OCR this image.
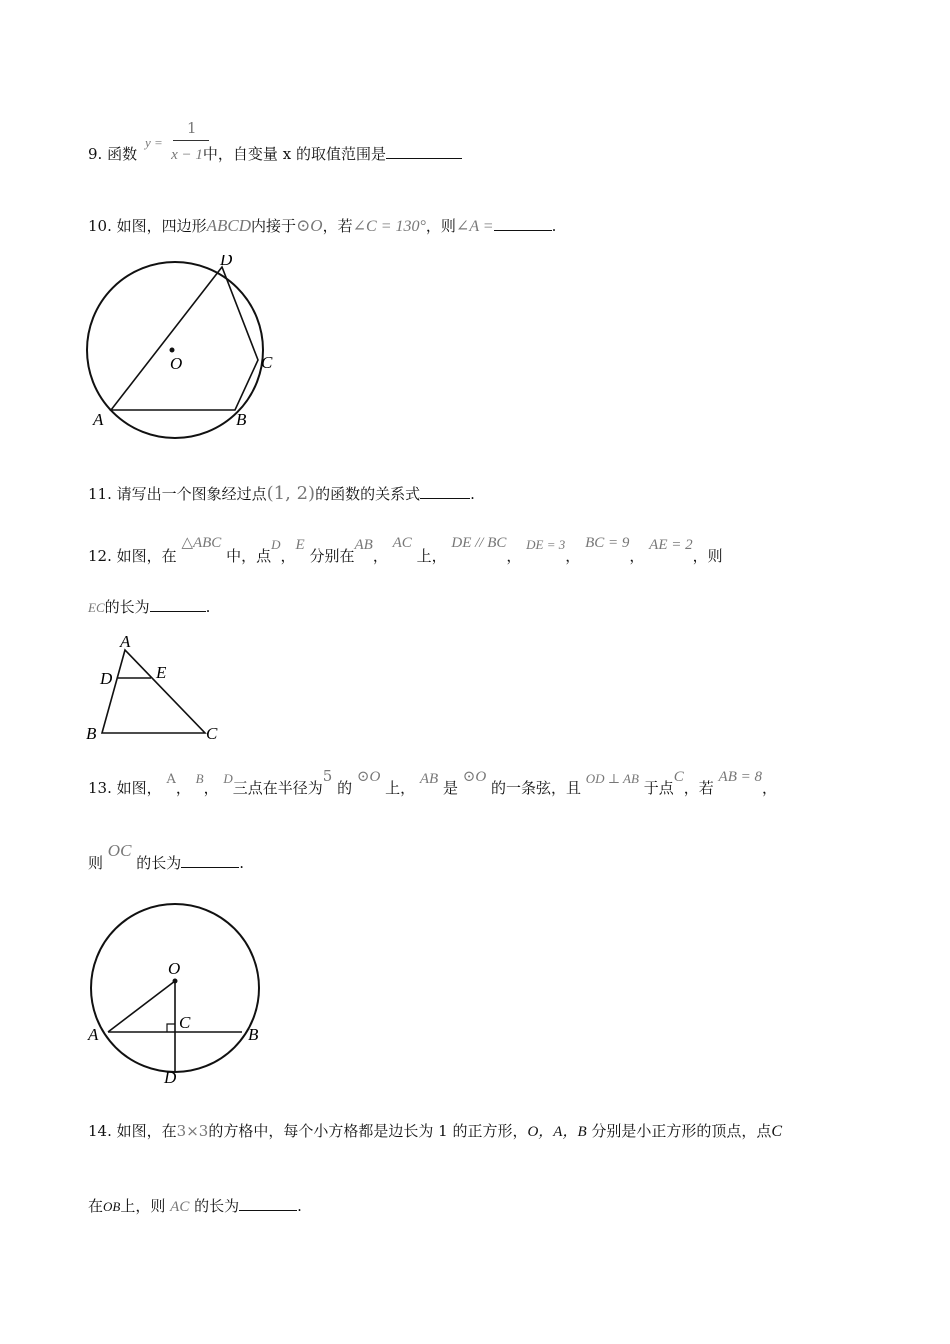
y =
1
9. 函数 x − 1中，自变量 x 的取值范围是
10. 如图，四边形ABCD内接于⊙O，若∠C = 130°，则∠A =	.
D
O	C
A	B
11. 请写出一个图象经过点(1, 2)的函数的关系式	.
12. 如图，在 △ABC 中，点D，E 分别在AB， AC 上， DE // BC， DE = 3， BC = 9， AE = 2，则
EC的长为	.
A
D	E
B	C
13. 如图， A， B， D三点在半径为5 的 ⊙O 上， AB 是 ⊙O 的一条弦，且 OD ⊥ AB 于点C，若 AB = 8，
则 OC 的长为	.
O
C
A	B
D
14. 如图，在3×3的方格中，每个小方格都是边长为 1 的正方形，O，A，B 分别是小正方形的顶点，点C
在OB上，则 AC 的长为	.
